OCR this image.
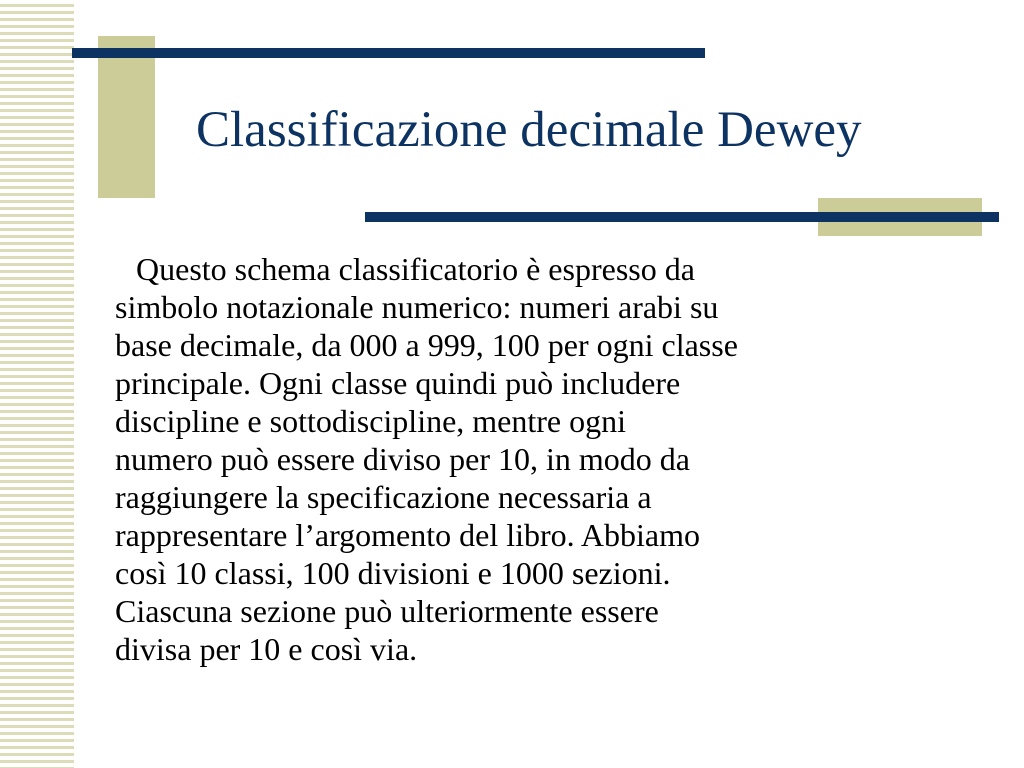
Classificazione decimale Dewey

Questo schema classificatorio è espresso da
simbolo notazionale numerico: numeri arabi su
base decimale, da 000 a 999, 100 per ogni classe
principale. Ogni classe quindi può includere
discipline e sottodiscipline, mentre ogni
numero può essere diviso per 10, in modo da
raggiungere la specificazione necessaria a
rappresentare l’argomento del libro. Abbiamo
così 10 classi, 100 divisioni e 1000 sezioni.
Ciascuna sezione può ulteriormente essere
divisa per 10 e così via.
